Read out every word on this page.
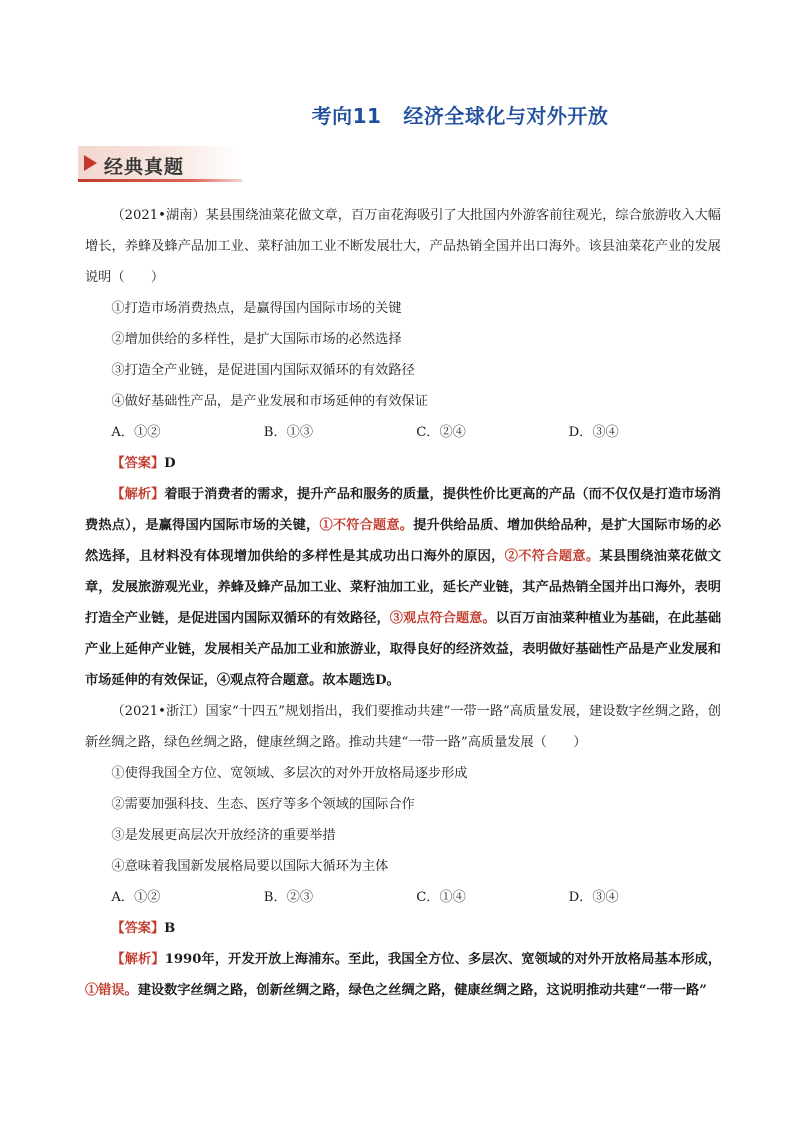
考向11 经济全球化与对外开放
经典真题

（2021•湖南）某县围绕油菜花做文章，百万亩花海吸引了大批国内外游客前往观光，综合旅游收入大幅增长，养蜂及蜂产品加工业、菜籽油加工业不断发展壮大，产品热销全国并出口海外。该县油菜花产业的发展说明（　　）

①打造市场消费热点，是赢得国内国际市场的关键

②增加供给的多样性，是扩大国际市场的必然选择

③打造全产业链，是促进国内国际双循环的有效路径

④做好基础性产品，是产业发展和市场延伸的有效保证

A．①②	B．①③	C．②④	D．③④

【答案】D

【解析】着眼于消费者的需求，提升产品和服务的质量，提供性价比更高的产品（而不仅仅是打造市场消费热点），是赢得国内国际市场的关键，①不符合题意。提升供给品质、增加供给品种，是扩大国际市场的必然选择，且材料没有体现增加供给的多样性是其成功出口海外的原因，②不符合题意。某县围绕油菜花做文章，发展旅游观光业，养蜂及蜂产品加工业、菜籽油加工业，延长产业链，其产品热销全国并出口海外，表明打造全产业链，是促进国内国际双循环的有效路径，③观点符合题意。以百万亩油菜种植业为基础，在此基础产业上延伸产业链，发展相关产品加工业和旅游业，取得良好的经济效益，表明做好基础性产品是产业发展和市场延伸的有效保证，④观点符合题意。故本题选D。

（2021•浙江）国家“十四五”规划指出，我们要推动共建“一带一路”高质量发展，建设数字丝绸之路，创新丝绸之路，绿色丝绸之路，健康丝绸之路。推动共建“一带一路”高质量发展（　　）

①使得我国全方位、宽领域、多层次的对外开放格局逐步形成

②需要加强科技、生态、医疗等多个领域的国际合作

③是发展更高层次开放经济的重要举措

④意味着我国新发展格局要以国际大循环为主体

A．①②	B．②③	C．①④	D．③④

【答案】B

【解析】1990年，开发开放上海浦东。至此，我国全方位、多层次、宽领域的对外开放格局基本形成，①错误。建设数字丝绸之路，创新丝绸之路，绿色之丝绸之路，健康丝绸之路，这说明推动共建“一带一路”
